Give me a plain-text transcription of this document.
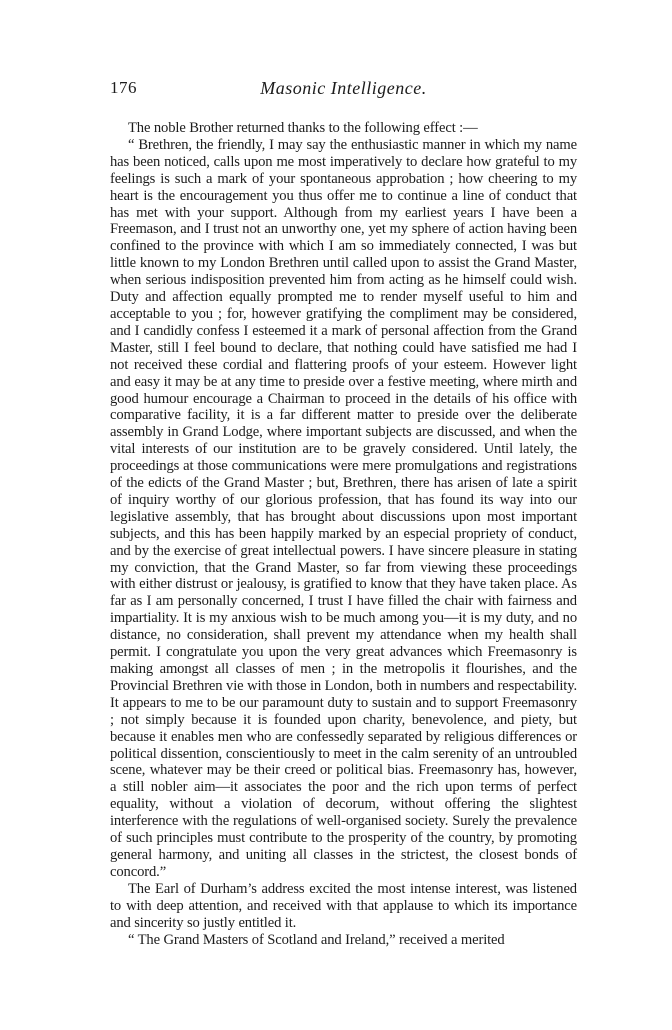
176	Masonic Intelligence.

The noble Brother returned thanks to the following effect :—

“ Brethren, the friendly, I may say the enthusiastic manner in which my name has been noticed, calls upon me most imperatively to declare how grateful to my feelings is such a mark of your spontaneous approbation ; how cheering to my heart is the encouragement you thus offer me to continue a line of conduct that has met with your support. Although from my earliest years I have been a Freemason, and I trust not an unworthy one, yet my sphere of action having been confined to the province with which I am so immediately connected, I was but little known to my London Brethren until called upon to assist the Grand Master, when serious indisposition prevented him from acting as he himself could wish. Duty and affection equally prompted me to render myself useful to him and acceptable to you ; for, however gratifying the compliment may be considered, and I candidly confess I esteemed it a mark of personal affection from the Grand Master, still I feel bound to declare, that nothing could have satisfied me had I not received these cordial and flattering proofs of your esteem. However light and easy it may be at any time to preside over a festive meeting, where mirth and good humour encourage a Chairman to proceed in the details of his office with comparative facility, it is a far different matter to preside over the deliberate assembly in Grand Lodge, where important subjects are discussed, and when the vital interests of our institution are to be gravely considered. Until lately, the proceedings at those communications were mere promulgations and registrations of the edicts of the Grand Master ; but, Brethren, there has arisen of late a spirit of inquiry worthy of our glorious profession, that has found its way into our legislative assembly, that has brought about discussions upon most important subjects, and this has been happily marked by an especial propriety of conduct, and by the exercise of great intellectual powers. I have sincere pleasure in stating my conviction, that the Grand Master, so far from viewing these proceedings with either distrust or jealousy, is gratified to know that they have taken place. As far as I am personally concerned, I trust I have filled the chair with fairness and impartiality. It is my anxious wish to be much among you—it is my duty, and no distance, no consideration, shall prevent my attendance when my health shall permit. I congratulate you upon the very great advances which Freemasonry is making amongst all classes of men ; in the metropolis it flourishes, and the Provincial Brethren vie with those in London, both in numbers and respectability. It appears to me to be our paramount duty to sustain and to support Freemasonry ; not simply because it is founded upon charity, benevolence, and piety, but because it enables men who are confessedly separated by religious differences or political dissention, conscientiously to meet in the calm serenity of an untroubled scene, whatever may be their creed or political bias. Freemasonry has, however, a still nobler aim—it associates the poor and the rich upon terms of perfect equality, without a violation of decorum, without offering the slightest interference with the regulations of well-organised society. Surely the prevalence of such principles must contribute to the prosperity of the country, by promoting general harmony, and uniting all classes in the strictest, the closest bonds of concord.”

The Earl of Durham’s address excited the most intense interest, was listened to with deep attention, and received with that applause to which its importance and sincerity so justly entitled it.

“ The Grand Masters of Scotland and Ireland,” received a merited
